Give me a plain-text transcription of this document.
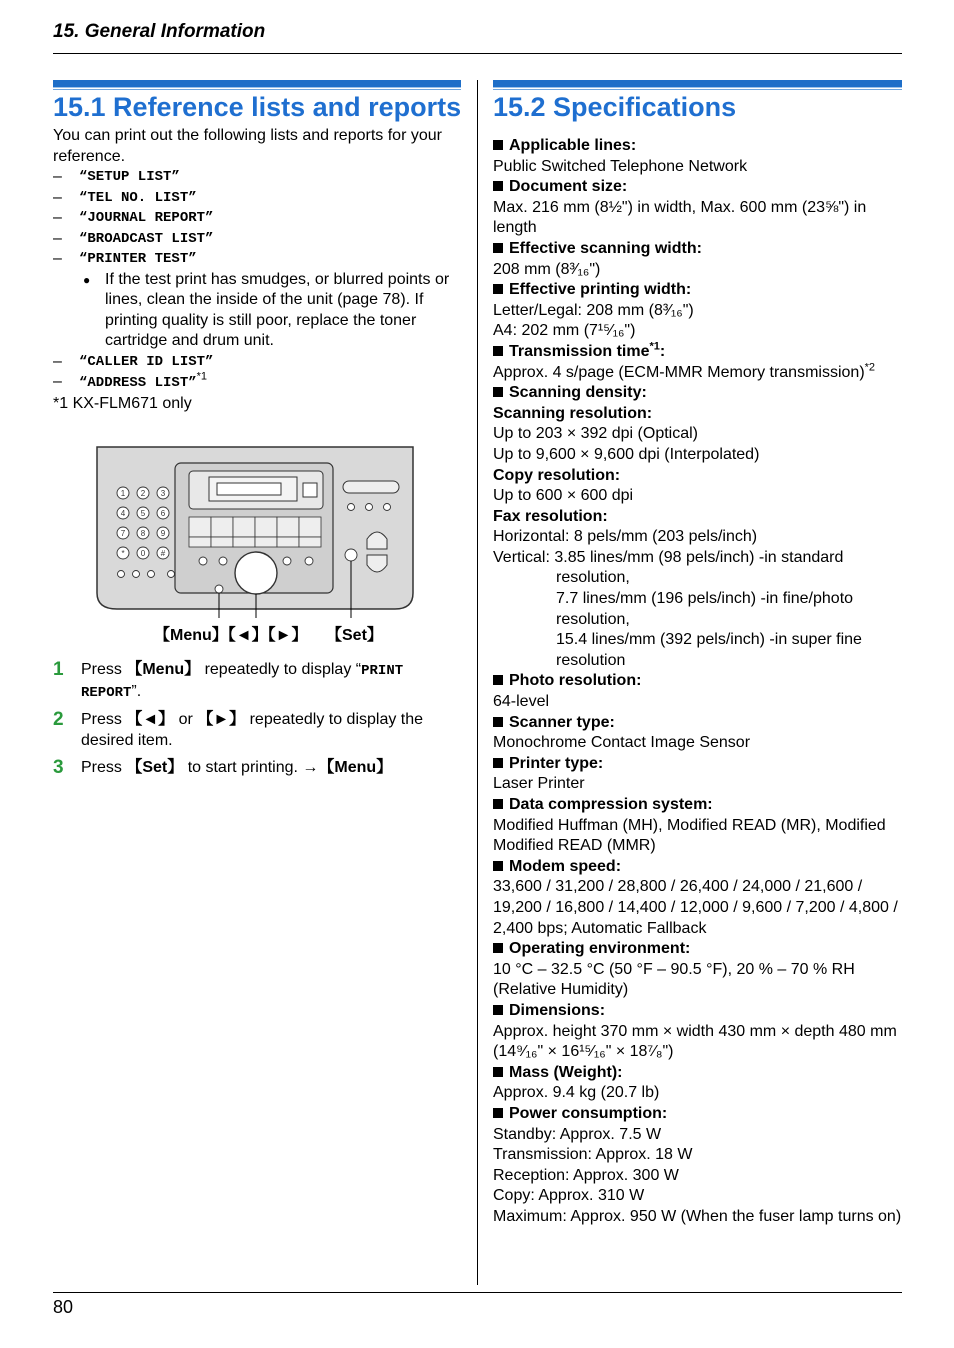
15. General Information
15.1 Reference lists and reports

You can print out the following lists and reports for your reference.

–	“SETUP LIST”
–	“TEL NO. LIST”
–	“JOURNAL REPORT”
–	“BROADCAST LIST”
–	“PRINTER TEST”
● If the test print has smudges, or blurred points or lines, clean the inside of the unit (page 78). If printing quality is still poor, replace the toner cartridge and drum unit.
–	“CALLER ID LIST”
–	“ADDRESS LIST”$^{*1}$

*1 KX-FLM671 only

1 2 3
4 5 6
7 8 9
* 0 #
【Menu】【◄】【►】 【Set】
1	Press 【Menu】 repeatedly to display “PRINT REPORT”.
2	Press 【◄】 or 【►】 repeatedly to display the desired item.
3	Press 【Set】 to start printing. →【Menu】
15.2 Specifications

Applicable lines:

Public Switched Telephone Network

Document size:

Max. 216 mm (8½") in width, Max. 600 mm (23⅝") in length

Effective scanning width:

208 mm (8³⁄₁₆")

Effective printing width:

Letter/Legal: 208 mm (8³⁄₁₆")

A4: 202 mm (7¹⁵⁄₁₆")

Transmission time$^{*1}$:

Approx. 4 s/page (ECM-MMR Memory transmission)$^{*2}$

Scanning density:

Scanning resolution:

Up to 203 × 392 dpi (Optical)

Up to 9,600 × 9,600 dpi (Interpolated)

Copy resolution:

Up to 600 × 600 dpi

Fax resolution:

Horizontal: 8 pels/mm (203 pels/inch)

Vertical: 3.85 lines/mm (98 pels/inch) -in standard

resolution,

7.7 lines/mm (196 pels/inch) -in fine/photo

resolution,

15.4 lines/mm (392 pels/inch) -in super fine

resolution

Photo resolution:

64-level

Scanner type:

Monochrome Contact Image Sensor

Printer type:

Laser Printer

Data compression system:

Modified Huffman (MH), Modified READ (MR), Modified Modified READ (MMR)

Modem speed:

33,600 / 31,200 / 28,800 / 26,400 / 24,000 / 21,600 / 19,200 / 16,800 / 14,400 / 12,000 / 9,600 / 7,200 / 4,800 / 2,400 bps; Automatic Fallback

Operating environment:

10 °C – 32.5 °C (50 °F – 90.5 °F), 20 % – 70 % RH (Relative Humidity)

Dimensions:

Approx. height 370 mm × width 430 mm × depth 480 mm

(14⁹⁄₁₆" × 16¹⁵⁄₁₆" × 18⁷⁄₈")

Mass (Weight):

Approx. 9.4 kg (20.7 lb)

Power consumption:

Standby: Approx. 7.5 W

Transmission: Approx. 18 W

Reception: Approx. 300 W

Copy: Approx. 310 W

Maximum: Approx. 950 W (When the fuser lamp turns on)

80
